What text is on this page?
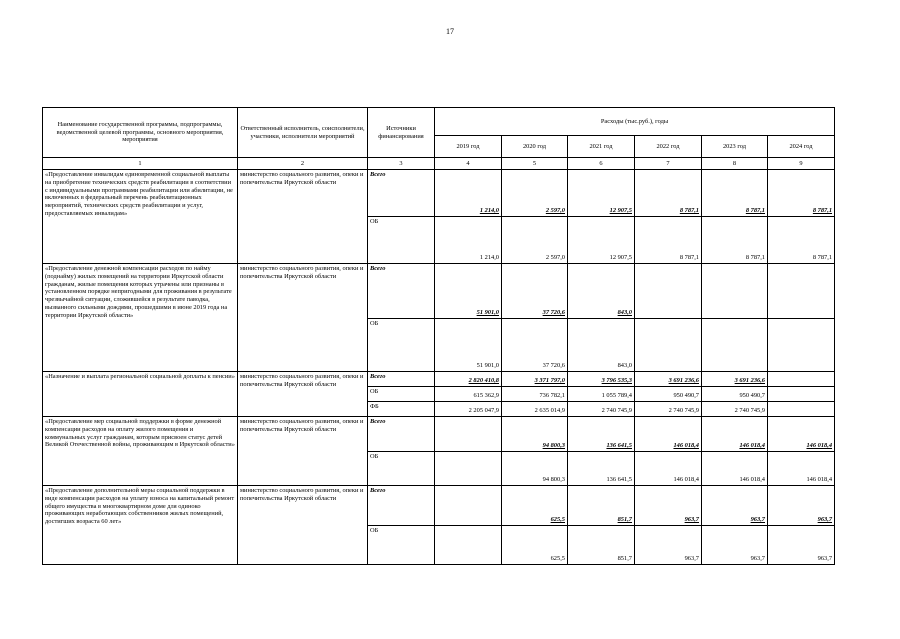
17
Наименование государственной программы, подпрограммы, ведомственной целевой программы, основного мероприятия, мероприятия	Ответственный исполнитель, соисполнители, участники, исполнители мероприятий	Источники финансирования	Расходы (тыс.руб.), годы					
			2019 год	2020 год	2021 год	2022 год	2023 год	2024 год
1	2	3	4	5	6	7	8	9
«Предоставление инвалидам единовременной социальной выплаты на приобретение технических средств реабилитации в соответствии с индивидуальными программами реабилитации или абилитации, не включенных в федеральный перечень реабилитационных мероприятий, технических средств реабилитации и услуг, предоставляемых инвалидам»	министерство социального развития, опеки и попечительства Иркутской области	Всего	1 214,0	2 597,0	12 907,5	8 787,1	8 787,1	8 787,1
		ОБ	1 214,0	2 597,0	12 907,5	8 787,1	8 787,1	8 787,1
«Предоставление денежной компенсации расходов по найму (поднайму) жилых помещений на территории Иркутской области гражданам, жилые помещения которых утрачены или признаны в установленном порядке непригодными для проживания в результате чрезвычайной ситуации, сложившейся в результате паводка, вызванного сильными дождями, прошедшими в июне 2019 года на территории Иркутской области»	министерство социального развития, опеки и попечительства Иркутской области	Всего	51 901,0	37 720,6	843,0			
		ОБ	51 901,0	37 720,6	843,0			
«Назначение и выплата региональной социальной доплаты к пенсии»	министерство социального развития, опеки и попечительства Иркутской области	Всего	2 820 410,8	3 371 797,0	3 796 535,3	3 691 236,6	3 691 236,6	
		ОБ	615 362,9	736 782,1	1 055 789,4	950 490,7	950 490,7	
		ФБ	2 205 047,9	2 635 014,9	2 740 745,9	2 740 745,9	2 740 745,9	
«Предоставление мер социальной поддержки в форме денежной компенсации расходов на оплату жилого помещения и коммунальных услуг гражданам, которым присвоен статус детей Великой Отечественной войны, проживающим в Иркутской области»	министерство социального развития, опеки и попечительства Иркутской области	Всего		94 800,3	136 641,5	146 018,4	146 018,4	146 018,4
		ОБ		94 800,3	136 641,5	146 018,4	146 018,4	146 018,4
«Предоставление дополнительной меры социальной поддержки в виде компенсации расходов на уплату взноса на капитальный ремонт общего имущества в многоквартирном доме для одиноко проживающих неработающих собственников жилых помещений, достигших возраста 60 лет»	министерство социального развития, опеки и попечительства Иркутской области	Всего		625,5	851,7	963,7	963,7	963,7
		ОБ		625,5	851,7	963,7	963,7	963,7
